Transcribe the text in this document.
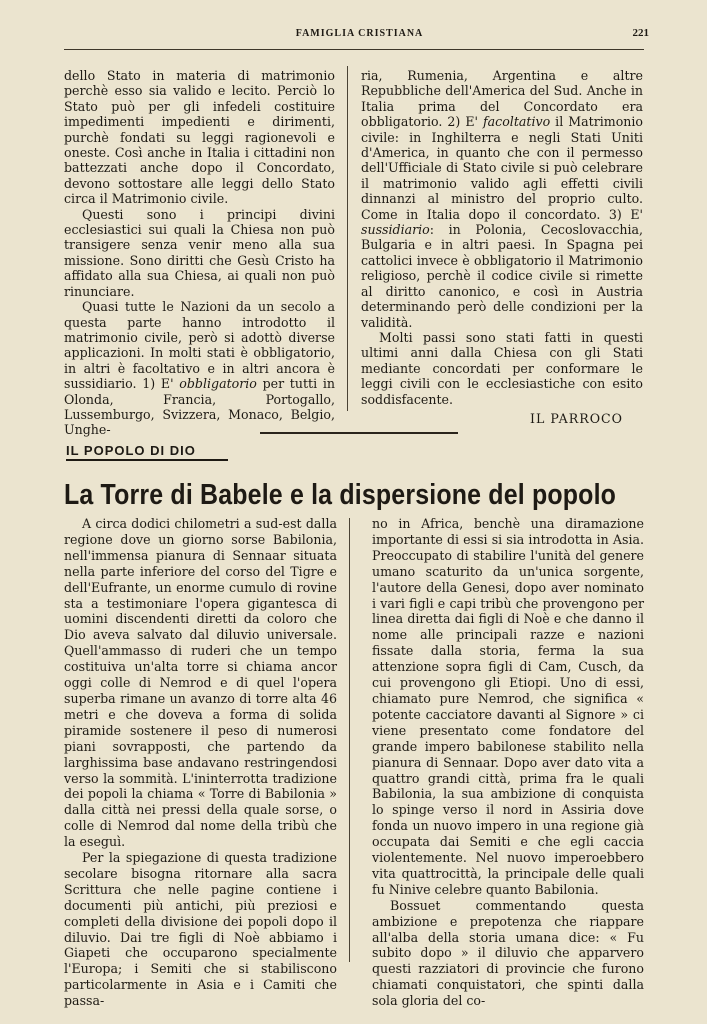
FAMIGLIA CRISTIANA	221

dello Stato in materia di matrimonio perchè esso sia valido e lecito. Perciò lo Stato può per gli infedeli costituire impedimenti impedienti e dirimenti, purchè fondati su leggi ragionevoli e oneste. Così anche in Italia i cittadini non battezzati anche dopo il Concordato, devono sottostare alle leggi dello Stato circa il Matrimonio civile.

Questi sono i principi divini ecclesiastici sui quali la Chiesa non può transigere senza venir meno alla sua missione. Sono diritti che Gesù Cristo ha affidato alla sua Chiesa, ai quali non può rinunciare.

Quasi tutte le Nazioni da un secolo a questa parte hanno introdotto il matrimonio civile, però si adottò diverse applicazioni. In molti stati è obbligatorio, in altri è facoltativo e in altri ancora è sussidiario. 1) E' obbligatorio per tutti in Olonda, Francia, Portogallo, Lussemburgo, Svizzera, Monaco, Belgio, Unghe-

ria, Rumenia, Argentina e altre Repubbliche dell'America del Sud. Anche in Italia prima del Concordato era obbligatorio. 2) E' facoltativo il Matrimonio civile: in Inghilterra e negli Stati Uniti d'America, in quanto che con il permesso dell'Ufficiale di Stato civile si può celebrare il matrimonio valido agli effetti civili dinnanzi al ministro del proprio culto. Come in Italia dopo il concordato. 3) E' sussidiario: in Polonia, Cecoslovacchia, Bulgaria e in altri paesi. In Spagna pei cattolici invece è obbligatorio il Matrimonio religioso, perchè il codice civile si rimette al diritto canonico, e così in Austria determinando però delle condizioni per la validità.

Molti passi sono stati fatti in questi ultimi anni dalla Chiesa con gli Stati mediante concordati per conformare le leggi civili con le ecclesiastiche con esito soddisfacente.

IL PARROCO
IL POPOLO DI DIO
La Torre di Babele e la dispersione del popolo

A circa dodici chilometri a sud-est dalla regione dove un giorno sorse Babilonia, nell'immensa pianura di Sennaar situata nella parte inferiore del corso del Tigre e dell'Eufrante, un enorme cumulo di rovine sta a testimoniare l'opera gigantesca di uomini discendenti diretti da coloro che Dio aveva salvato dal diluvio universale. Quell'ammasso di ruderi che un tempo costituiva un'alta torre si chiama ancor oggi colle di Nemrod e di quel l'opera superba rimane un avanzo di torre alta 46 metri e che doveva a forma di solida piramide sostenere il peso di numerosi piani sovrapposti, che partendo da larghissima base andavano restringendosi verso la sommità. L'ininterrotta tradizione dei popoli la chiama « Torre di Babilonia » dalla città nei pressi della quale sorse, o colle di Nemrod dal nome della tribù che la eseguì.

Per la spiegazione di questa tradizione secolare bisogna ritornare alla sacra Scrittura che nelle pagine contiene i documenti più antichi, più preziosi e completi della divisione dei popoli dopo il diluvio. Dai tre figli di Noè abbiamo i Giapeti che occuparono specialmente l'Europa; i Semiti che si stabiliscono particolarmente in Asia e i Camiti che passa-

no in Africa, benchè una diramazione importante di essi si sia introdotta in Asia. Preoccupato di stabilire l'unità del genere umano scaturito da un'unica sorgente, l'autore della Genesi, dopo aver nominato i vari figli e capi tribù che provengono per linea diretta dai figli di Noè e che danno il nome alle principali razze e nazioni fissate dalla storia, ferma la sua attenzione sopra figli di Cam, Cusch, da cui provengono gli Etiopi. Uno di essi, chiamato pure Nemrod, che significa « potente cacciatore davanti al Signore » ci viene presentato come fondatore del grande impero babilonese stabilito nella pianura di Sennaar. Dopo aver dato vita a quattro grandi città, prima fra le quali Babilonia, la sua ambizione di conquista lo spinge verso il nord in Assiria dove fonda un nuovo impero in una regione già occupata dai Semiti e che egli caccia violentemente. Nel nuovo imperoebbero vita quattrocittà, la principale delle quali fu Ninive celebre quanto Babilonia.

Bossuet commentando questa ambizione e prepotenza che riappare all'alba della storia umana dice: « Fu subito dopo » il diluvio che apparvero questi razziatori di provincie che furono chiamati conquistatori, che spinti dalla sola gloria del co-
